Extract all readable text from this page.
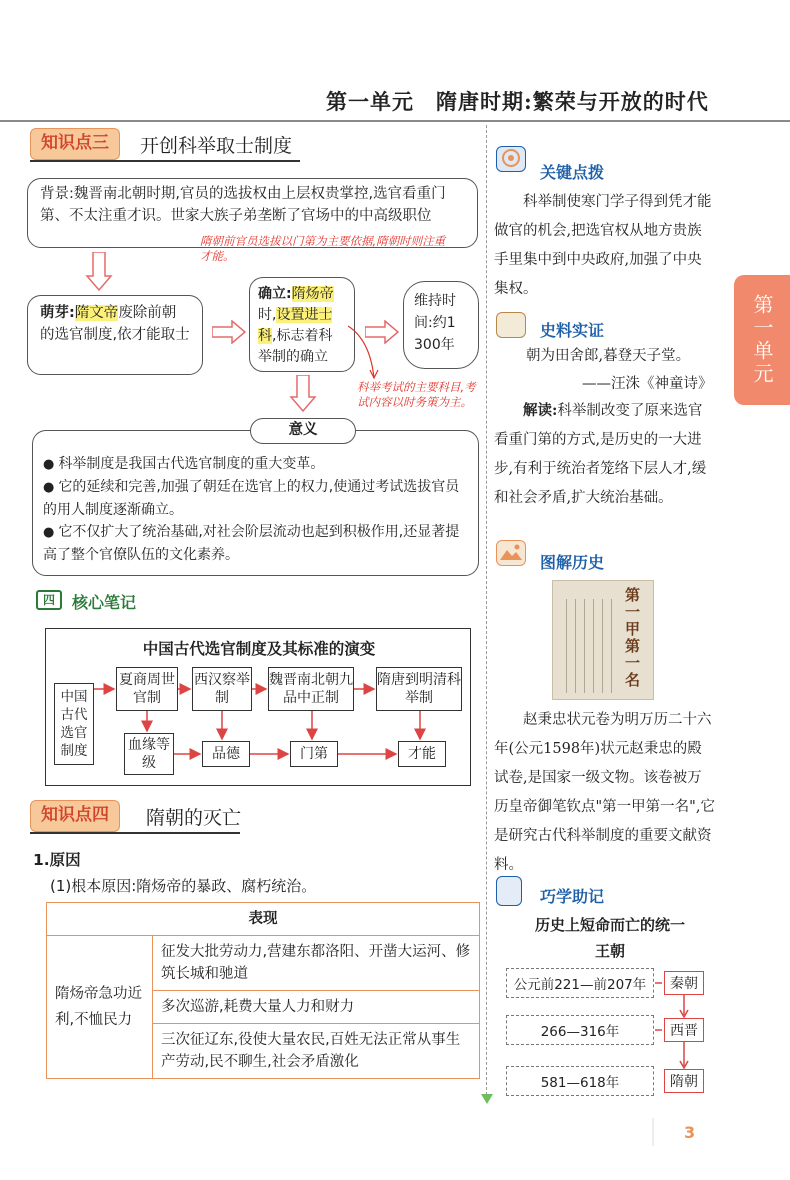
第一单元 隋唐时期:繁荣与开放的时代
知识点三	开创科举取士制度
背景:魏晋南北朝时期,官员的选拔权由上层权贵掌控,选官看重门第、不太注重才识。世家大族子弟垄断了官场中的中高级职位
隋朝前官员选拔以门第为主要依据,隋朝时则注重才能。
萌芽:隋文帝废除前朝的选官制度,依才能取士
确立:隋炀帝时,设置进士科,标志着科举制的确立
维持时间:约1 300年
科举考试的主要科目,考试内容以时务策为主。
● 科举制度是我国古代选官制度的重大变革。
● 它的延续和完善,加强了朝廷在选官上的权力,使通过考试选拔官员的用人制度逐渐确立。
● 它不仅扩大了统治基础,对社会阶层流动也起到积极作用,还显著提高了整个官僚队伍的文化素养。
意义
四	核心笔记
中国古代选官制度及其标准的演变
中国古代选官制度
夏商周世官制
西汉察举制
魏晋南北朝九品中正制
隋唐到明清科举制
血缘等级
品德	门第	才能
知识点四	隋朝的灭亡
1.原因
(1)根本原因:隋炀帝的暴政、腐朽统治。
表现
隋炀帝急功近利,不恤民力	征发大批劳动力,营建东都洛阳、开凿大运河、修筑长城和驰道
多次巡游,耗费大量人力和财力
三次征辽东,役使大量农民,百姓无法正常从事生产劳动,民不聊生,社会矛盾激化
关键点拨
科举制使寒门学子得到凭才能做官的机会,把选官权从地方贵族手里集中到中央政府,加强了中央集权。
史料实证
朝为田舍郎,暮登天子堂。
——汪洙《神童诗》
解读:科举制改变了原来选官看重门第的方式,是历史的一大进步,有利于统治者笼络下层人才,缓和社会矛盾,扩大统治基础。
图解历史
第一甲第一名
赵秉忠状元卷为明万历二十六年(公元1598年)状元赵秉忠的殿试卷,是国家一级文物。该卷被万历皇帝御笔钦点"第一甲第一名",它是研究古代科举制度的重要文献资料。
巧学助记
历史上短命而亡的统一王朝
公元前221—前207年	秦朝
266—316年	西晋
581—618年	隋朝
第一单元
3
